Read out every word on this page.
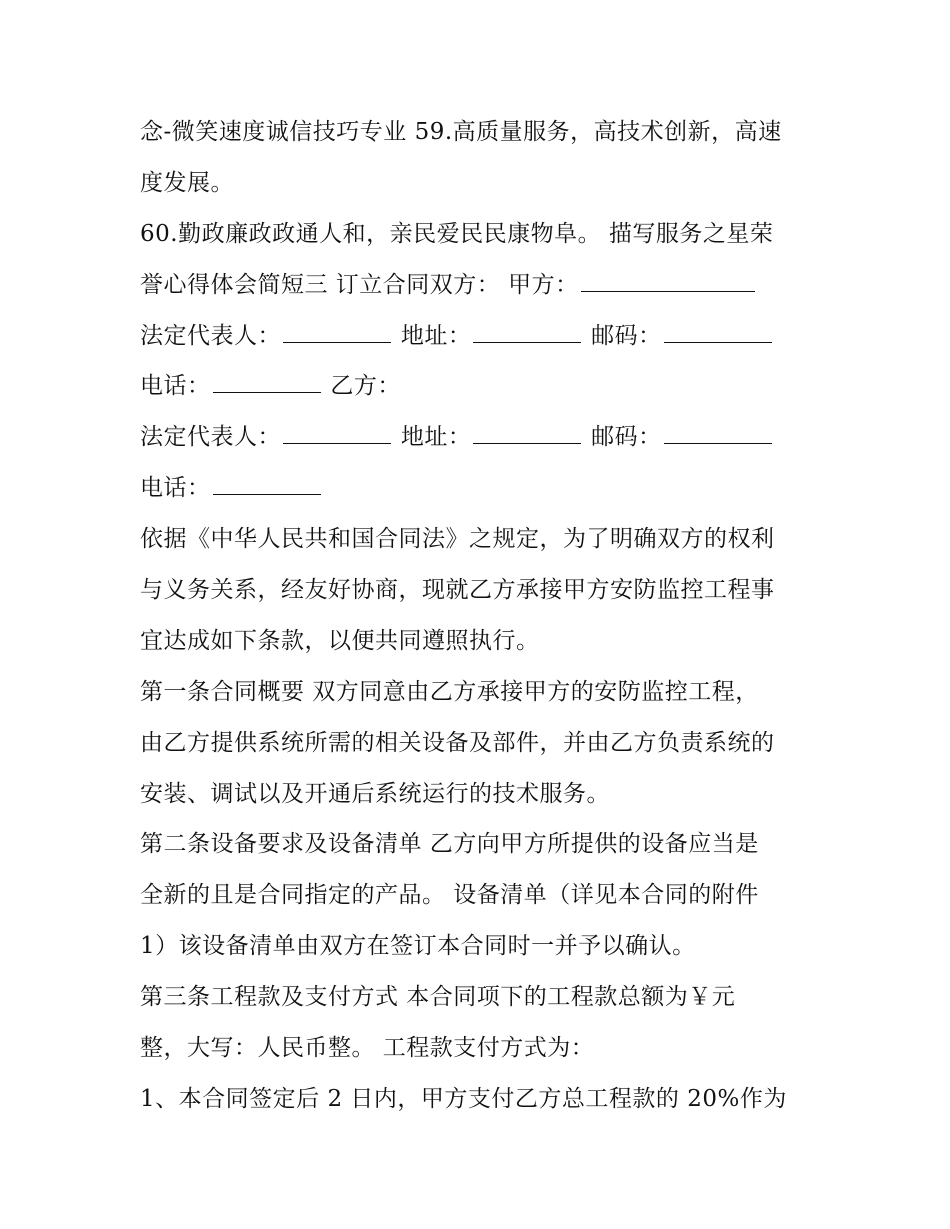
念-微笑速度诚信技巧专业 59.高质量服务，高技术创新，高速
度发展。
60.勤政廉政政通人和，亲民爱民民康物阜。 描写服务之星荣
誉心得体会简短三 订立合同双方： 甲方：
法定代表人：	地址：	邮码：
电话：	乙方：
法定代表人：	地址：	邮码：
电话：
依据《中华人民共和国合同法》之规定，为了明确双方的权利
与义务关系，经友好协商，现就乙方承接甲方安防监控工程事
宜达成如下条款，以便共同遵照执行。
第一条合同概要 双方同意由乙方承接甲方的安防监控工程，
由乙方提供系统所需的相关设备及部件，并由乙方负责系统的
安装、调试以及开通后系统运行的技术服务。
第二条设备要求及设备清单 乙方向甲方所提供的设备应当是
全新的且是合同指定的产品。 设备清单（详见本合同的附件
1）该设备清单由双方在签订本合同时一并予以确认。
第三条工程款及支付方式 本合同项下的工程款总额为￥元
整，大写：人民币整。 工程款支付方式为：
1、本合同签定后 2 日内，甲方支付乙方总工程款的 20%作为
